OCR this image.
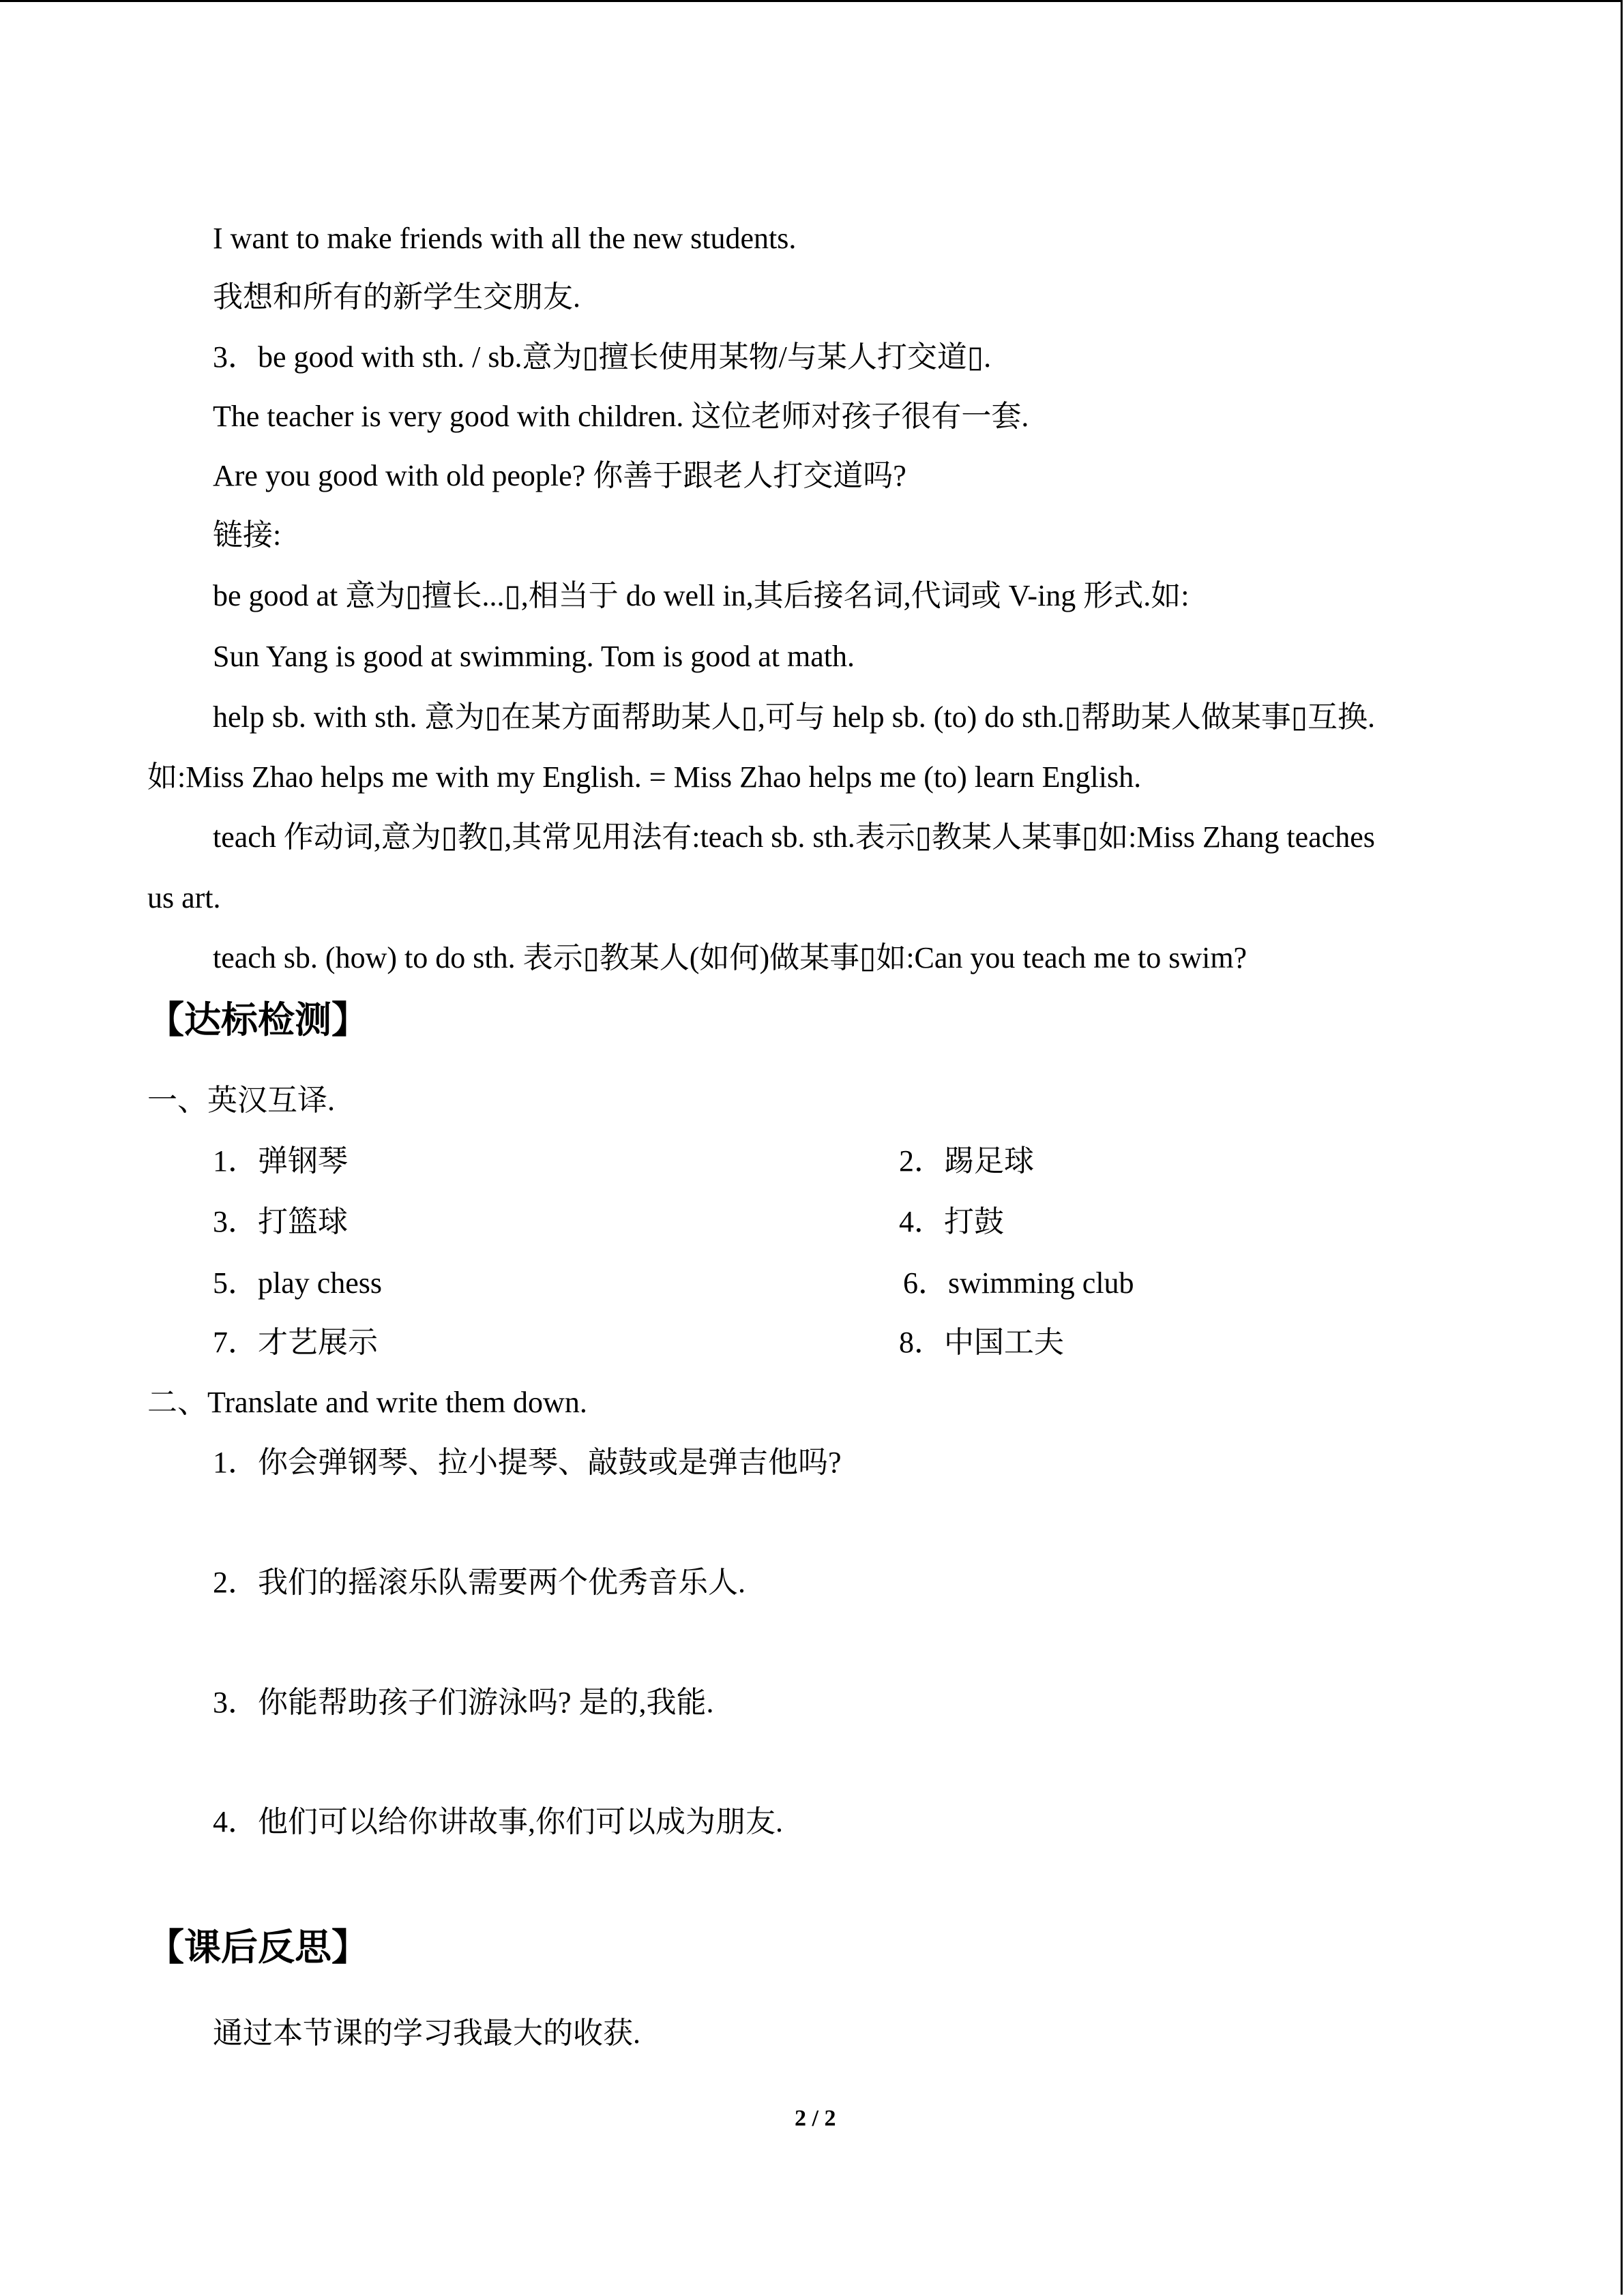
I want to make friends with all the new students.
我想和所有的新学生交朋友.
3．be good with sth. / sb.意为▯擅长使用某物/与某人打交道▯.
The teacher is very good with children. 这位老师对孩子很有一套.
Are you good with old people? 你善于跟老人打交道吗?
链接:
be good at 意为▯擅长...▯,相当于 do well in,其后接名词,代词或 V-ing 形式.如:
Sun Yang is good at swimming. Tom is good at math.
help sb. with sth. 意为▯在某方面帮助某人▯,可与 help sb. (to) do sth.▯帮助某人做某事▯互换.
如:Miss Zhao helps me with my English. = Miss Zhao helps me (to) learn English.
teach 作动词,意为▯教▯,其常见用法有:teach sb. sth.表示▯教某人某事▯如:Miss Zhang teaches
us art.
teach sb. (how) to do sth. 表示▯教某人(如何)做某事▯如:Can you teach me to swim?
【达标检测】
一、英汉互译.
1．弹钢琴	2．踢足球
3．打篮球	4．打鼓
5．play chess	6．swimming club
7．才艺展示	8．中国工夫
二、Translate and write them down.
1．你会弹钢琴、拉小提琴、敲鼓或是弹吉他吗?
2．我们的摇滚乐队需要两个优秀音乐人.
3．你能帮助孩子们游泳吗? 是的,我能.
4．他们可以给你讲故事,你们可以成为朋友.
【课后反思】
通过本节课的学习我最大的收获.
2 / 2
